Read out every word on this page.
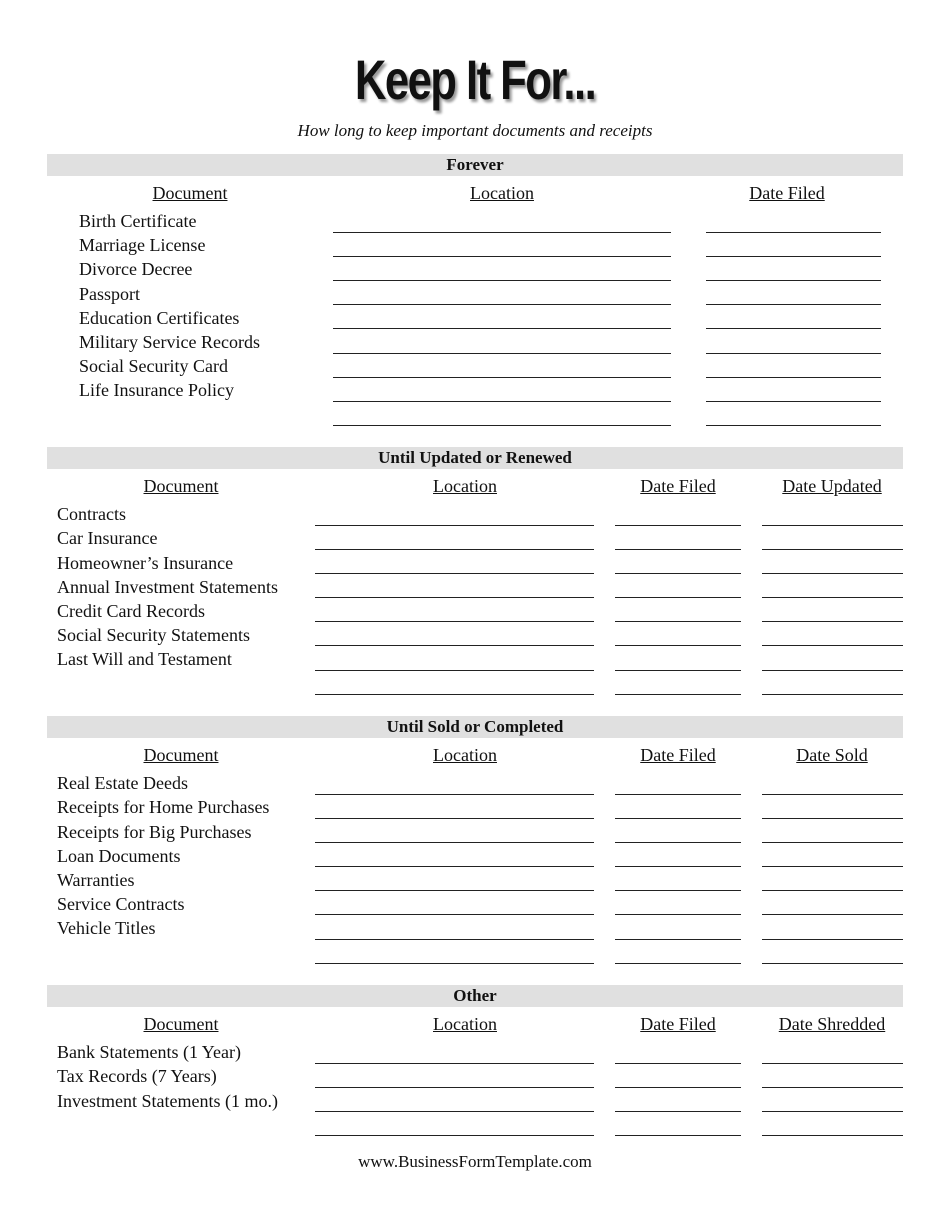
Keep It For...
How long to keep important documents and receipts
Forever
Document	Location	Date Filed
Birth Certificate
Marriage License
Divorce Decree
Passport
Education Certificates
Military Service Records
Social Security Card
Life Insurance Policy
Until Updated or Renewed
Document	Location	Date Filed	Date Updated
Contracts
Car Insurance
Homeowner’s Insurance
Annual Investment Statements
Credit Card Records
Social Security Statements
Last Will and Testament
Until Sold or Completed
Document	Location	Date Filed	Date Sold
Real Estate Deeds
Receipts for Home Purchases
Receipts for Big Purchases
Loan Documents
Warranties
Service Contracts
Vehicle Titles
Other
Document	Location	Date Filed	Date Shredded
Bank Statements (1 Year)
Tax Records (7 Years)
Investment Statements (1 mo.)
www.BusinessFormTemplate.com
